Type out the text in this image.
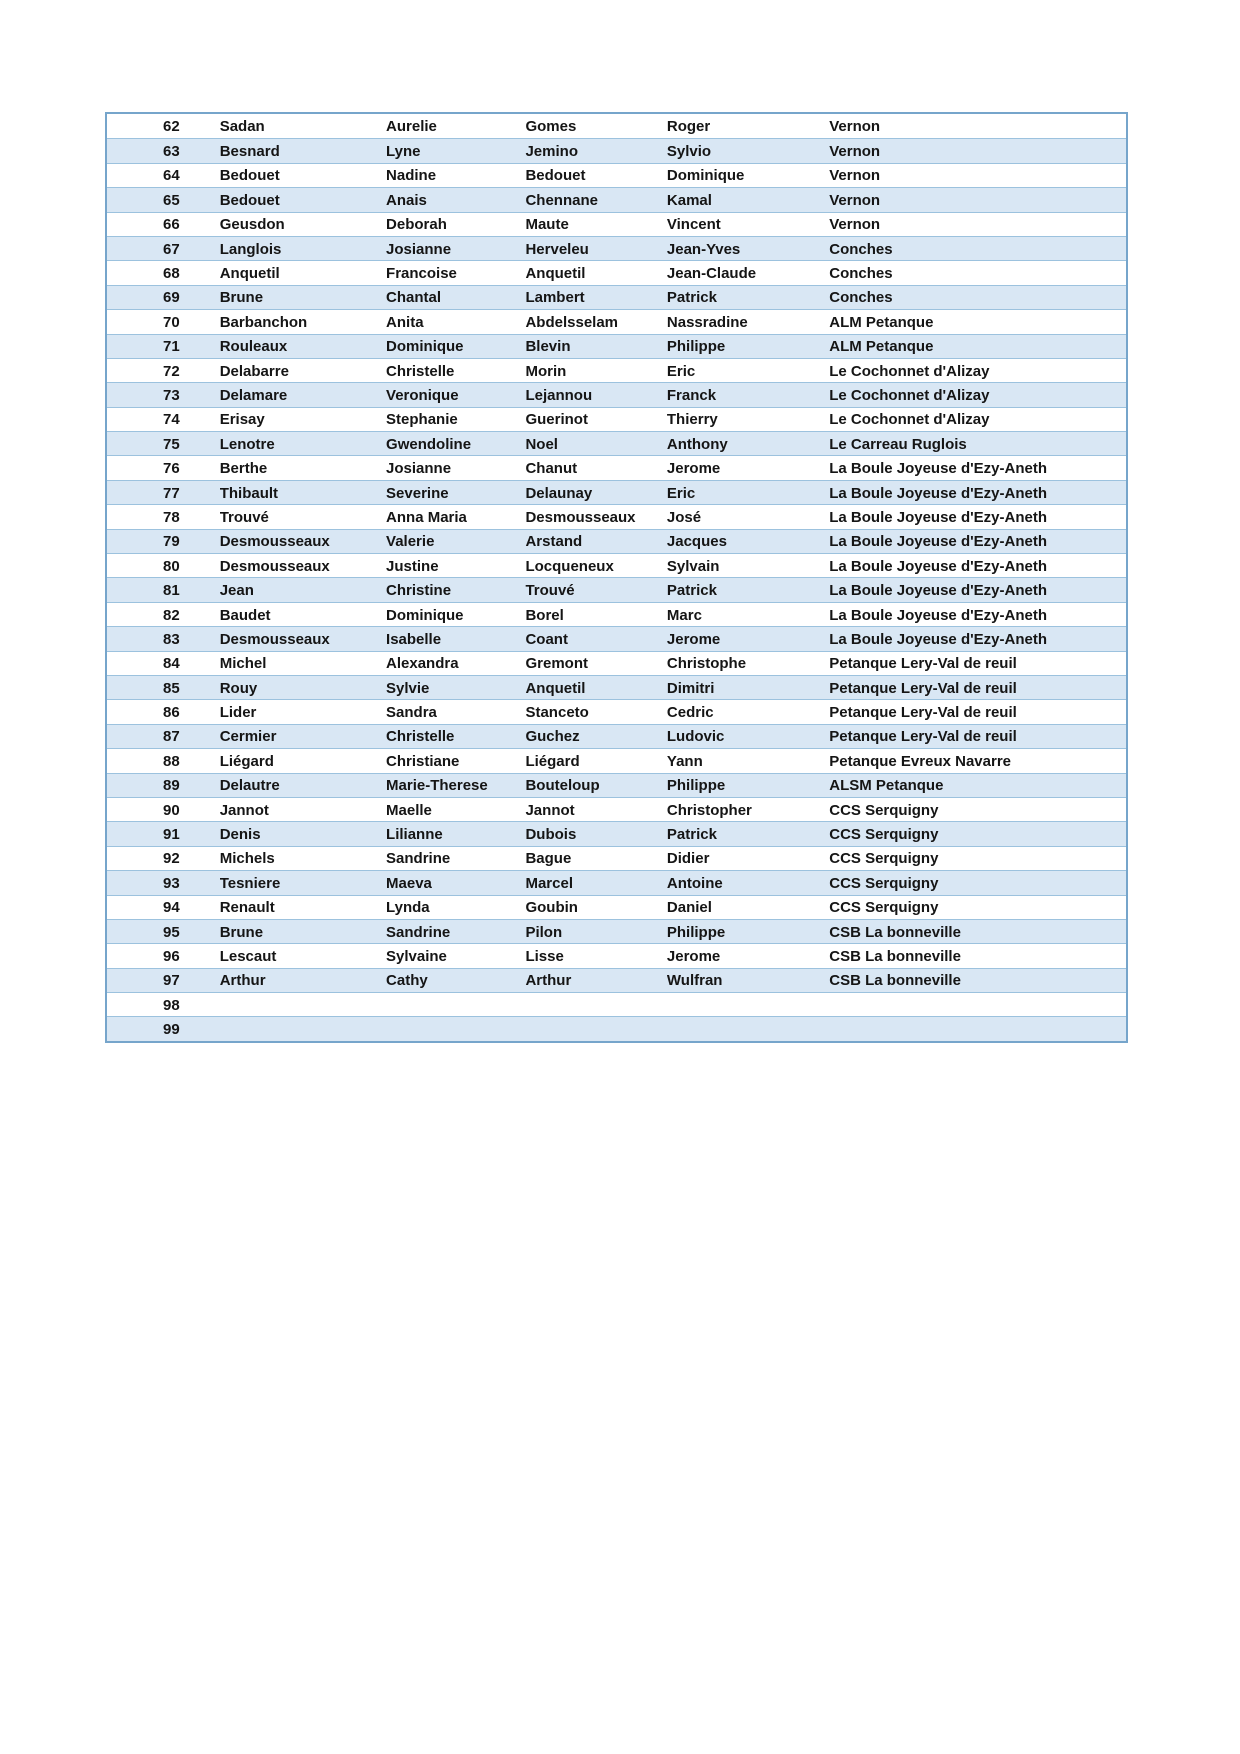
62	Sadan	Aurelie	Gomes	Roger	Vernon
63	Besnard	Lyne	Jemino	Sylvio	Vernon
64	Bedouet	Nadine	Bedouet	Dominique	Vernon
65	Bedouet	Anais	Chennane	Kamal	Vernon
66	Geusdon	Deborah	Maute	Vincent	Vernon
67	Langlois	Josianne	Herveleu	Jean-Yves	Conches
68	Anquetil	Francoise	Anquetil	Jean-Claude	Conches
69	Brune	Chantal	Lambert	Patrick	Conches
70	Barbanchon	Anita	Abdelsselam	Nassradine	ALM Petanque
71	Rouleaux	Dominique	Blevin	Philippe	ALM Petanque
72	Delabarre	Christelle	Morin	Eric	Le Cochonnet d'Alizay
73	Delamare	Veronique	Lejannou	Franck	Le Cochonnet d'Alizay
74	Erisay	Stephanie	Guerinot	Thierry	Le Cochonnet d'Alizay
75	Lenotre	Gwendoline	Noel	Anthony	Le Carreau Ruglois
76	Berthe	Josianne	Chanut	Jerome	La Boule Joyeuse d'Ezy-Aneth
77	Thibault	Severine	Delaunay	Eric	La Boule Joyeuse d'Ezy-Aneth
78	Trouvé	Anna Maria	Desmousseaux	José	La Boule Joyeuse d'Ezy-Aneth
79	Desmousseaux	Valerie	Arstand	Jacques	La Boule Joyeuse d'Ezy-Aneth
80	Desmousseaux	Justine	Locqueneux	Sylvain	La Boule Joyeuse d'Ezy-Aneth
81	Jean	Christine	Trouvé	Patrick	La Boule Joyeuse d'Ezy-Aneth
82	Baudet	Dominique	Borel	Marc	La Boule Joyeuse d'Ezy-Aneth
83	Desmousseaux	Isabelle	Coant	Jerome	La Boule Joyeuse d'Ezy-Aneth
84	Michel	Alexandra	Gremont	Christophe	Petanque Lery-Val de reuil
85	Rouy	Sylvie	Anquetil	Dimitri	Petanque Lery-Val de reuil
86	Lider	Sandra	Stanceto	Cedric	Petanque Lery-Val de reuil
87	Cermier	Christelle	Guchez	Ludovic	Petanque Lery-Val de reuil
88	Liégard	Christiane	Liégard	Yann	Petanque Evreux Navarre
89	Delautre	Marie-Therese	Bouteloup	Philippe	ALSM Petanque
90	Jannot	Maelle	Jannot	Christopher	CCS Serquigny
91	Denis	Lilianne	Dubois	Patrick	CCS Serquigny
92	Michels	Sandrine	Bague	Didier	CCS Serquigny
93	Tesniere	Maeva	Marcel	Antoine	CCS Serquigny
94	Renault	Lynda	Goubin	Daniel	CCS Serquigny
95	Brune	Sandrine	Pilon	Philippe	CSB La bonneville
96	Lescaut	Sylvaine	Lisse	Jerome	CSB La bonneville
97	Arthur	Cathy	Arthur	Wulfran	CSB La bonneville
98
99
